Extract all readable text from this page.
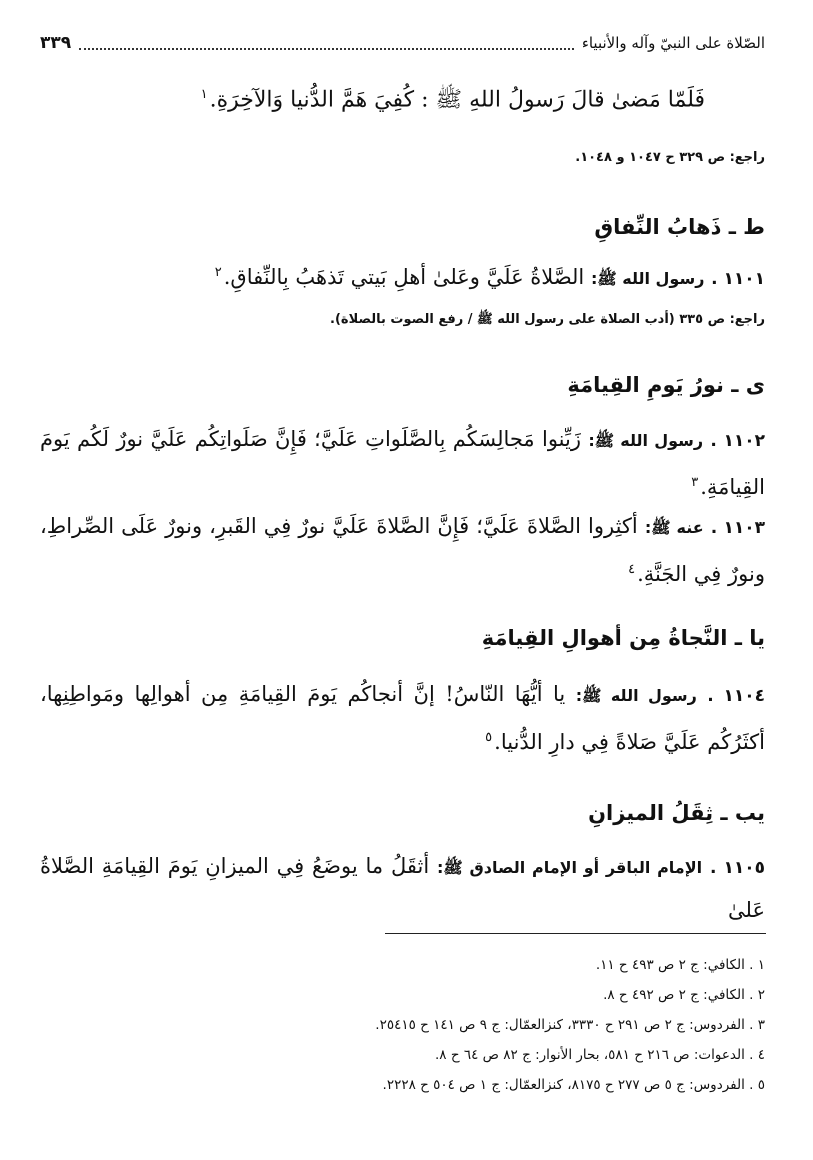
الصّلاة على النبيّ وآله والأنبياء
٣٣٩
فَلَمّا مَضىٰ قالَ رَسولُ اللهِ ﷺ : كُفِيَ هَمَّ الدُّنيا وَالآخِرَةِ.$^١$
راجع: ص ٣٢٩ ح ١٠٤٧ و ١٠٤٨.
ط ـ ذَهابُ النِّفاقِ
١١٠١ . رسول الله ﷺ: الصَّلاةُ عَلَيَّ وعَلىٰ أهلِ بَيتي تَذهَبُ بِالنِّفاقِ.$^٢$
راجع: ص ٣٣٥ (أدب الصلاة على رسول الله ﷺ / رفع الصوت بالصلاة).
ى ـ نورُ يَومِ القِيامَةِ
١١٠٢ . رسول الله ﷺ: زَيِّنوا مَجالِسَكُم بِالصَّلَواتِ عَلَيَّ؛ فَإِنَّ صَلَواتِكُم عَلَيَّ نورٌ لَكُم يَومَ القِيامَةِ.$^٣$
١١٠٣ . عنه ﷺ: أكثِروا الصَّلاةَ عَلَيَّ؛ فَإِنَّ الصَّلاةَ عَلَيَّ نورٌ فِي القَبرِ، ونورٌ عَلَى الصِّراطِ، ونورٌ فِي الجَنَّةِ.$^٤$
يا ـ النَّجاةُ مِن أهوالِ القِيامَةِ
١١٠٤ . رسول الله ﷺ: يا أيُّهَا النّاسُ! إنَّ أنجاكُم يَومَ القِيامَةِ مِن أهوالِها ومَواطِنِها، أكثَرُكُم عَلَيَّ صَلاةً فِي دارِ الدُّنيا.$^٥$
يب ـ ثِقَلُ الميزانِ
١١٠٥ . الإمام الباقر أو الإمام الصادق ﷺ: أثقَلُ ما يوضَعُ فِي الميزانِ يَومَ القِيامَةِ الصَّلاةُ عَلىٰ
١ . الكافي: ج ٢ ص ٤٩٣ ح ١١.
٢ . الكافي: ج ٢ ص ٤٩٢ ح ٨.
٣ . الفردوس: ج ٢ ص ٢٩١ ح ٣٣٣٠، كنزالعمّال: ج ٩ ص ١٤١ ح ٢٥٤١٥.
٤ . الدعوات: ص ٢١٦ ح ٥٨١، بحار الأنوار: ج ٨٢ ص ٦٤ ح ٨.
٥ . الفردوس: ج ٥ ص ٢٧٧ ح ٨١٧٥، كنزالعمّال: ج ١ ص ٥٠٤ ح ٢٢٢٨.
